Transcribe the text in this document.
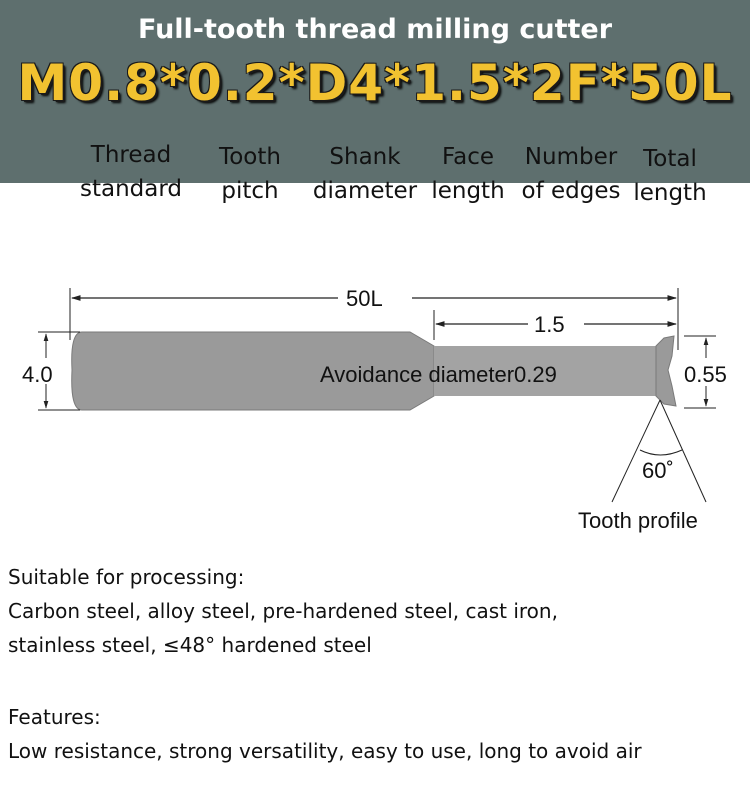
Full-tooth thread milling cutter
M0.8*0.2*D4*1.5*2F*50L
Thread
standard
Tooth
pitch
Shank
diameter
Face
length
Number
of edges
Total
length
50L
1.5
4.0	Avoidance diameter0.29	0.55
60˚
Tooth profile
Suitable for processing:
Carbon steel, alloy steel, pre-hardened steel, cast iron,
stainless steel, ≤48° hardened steel
Features:
Low resistance, strong versatility, easy to use, long to avoid air
